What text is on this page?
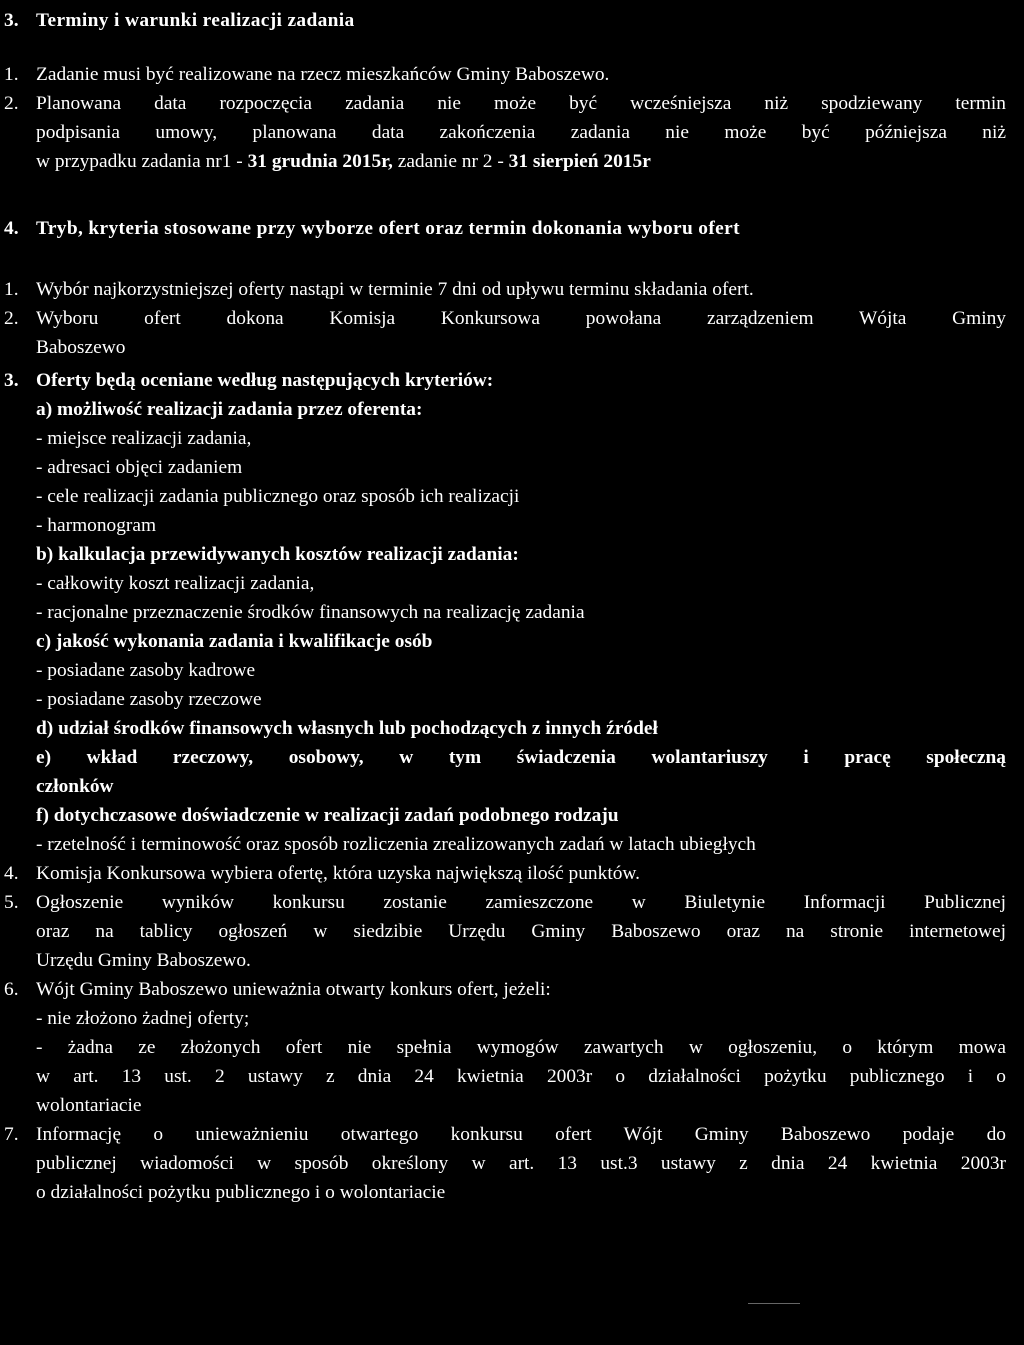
3. Terminy i warunki realizacji zadania
1. Zadanie musi być realizowane na rzecz mieszkańców Gminy Baboszewo.
2. Planowana data rozpoczęcia zadania nie może być wcześniejsza niż spodziewany termin
podpisania umowy, planowana data zakończenia zadania nie może być późniejsza niż
w przypadku zadania nr1 - 31 grudnia 2015r, zadanie nr 2 - 31 sierpień 2015r
4. Tryb, kryteria stosowane przy wyborze ofert oraz termin dokonania wyboru ofert
1. Wybór najkorzystniejszej oferty nastąpi w terminie 7 dni od upływu terminu składania ofert.
2. Wyboru ofert dokona Komisja Konkursowa powołana zarządzeniem Wójta Gminy
Baboszewo
3. Oferty będą oceniane według następujących kryteriów:
a) możliwość realizacji zadania przez oferenta:
- miejsce realizacji zadania,
- adresaci objęci zadaniem
- cele realizacji zadania publicznego oraz sposób ich realizacji
- harmonogram
b) kalkulacja przewidywanych kosztów realizacji zadania:
- całkowity koszt realizacji zadania,
- racjonalne przeznaczenie środków finansowych na realizację zadania
c) jakość wykonania zadania i kwalifikacje osób
- posiadane zasoby kadrowe
- posiadane zasoby rzeczowe
d) udział środków finansowych własnych lub pochodzących z innych źródeł
e) wkład rzeczowy, osobowy, w tym świadczenia wolantariuszy i pracę społeczną
członków
f) dotychczasowe doświadczenie w realizacji zadań podobnego rodzaju
- rzetelność i terminowość oraz sposób rozliczenia zrealizowanych zadań w latach ubiegłych
4. Komisja Konkursowa wybiera ofertę, która uzyska największą ilość punktów.
5. Ogłoszenie wyników konkursu zostanie zamieszczone w Biuletynie Informacji Publicznej
oraz na tablicy ogłoszeń w siedzibie Urzędu Gminy Baboszewo oraz na stronie internetowej
Urzędu Gminy Baboszewo.
6. Wójt Gminy Baboszewo unieważnia otwarty konkurs ofert, jeżeli:
- nie złożono żadnej oferty;
- żadna ze złożonych ofert nie spełnia wymogów zawartych w ogłoszeniu, o którym mowa
w art. 13 ust. 2 ustawy z dnia 24 kwietnia 2003r o działalności pożytku publicznego i o
wolontariacie
7. Informację o unieważnieniu otwartego konkursu ofert Wójt Gminy Baboszewo podaje do
publicznej wiadomości w sposób określony w art. 13 ust.3 ustawy z dnia 24 kwietnia 2003r
o działalności pożytku publicznego i o wolontariacie
